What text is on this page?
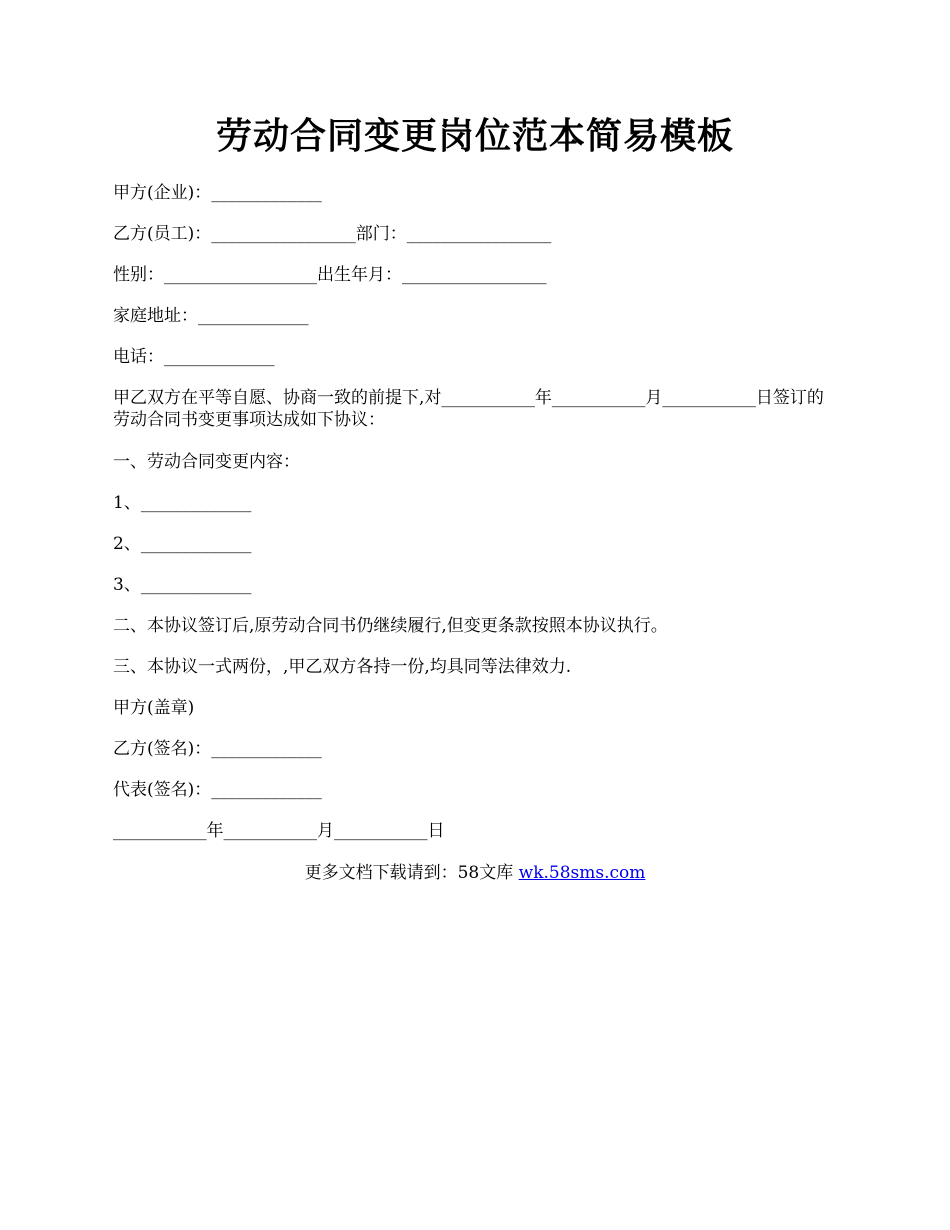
劳动合同变更岗位范本简易模板
甲方(企业)：_____________
乙方(员工)：_________________部门：_________________
性别：__________________出生年月：_________________
家庭地址：_____________
电话：_____________
甲乙双方在平等自愿、协商一致的前提下,对___________年___________月___________日签订的劳动合同书变更事项达成如下协议：
一、劳动合同变更内容：
1、_____________
2、_____________
3、_____________
二、本协议签订后,原劳动合同书仍继续履行,但变更条款按照本协议执行。
三、本协议一式两份，,甲乙双方各持一份,均具同等法律效力.
甲方(盖章)
乙方(签名)：_____________
代表(签名)：_____________
___________年___________月___________日
更多文档下载请到：58文库 wk.58sms.com
